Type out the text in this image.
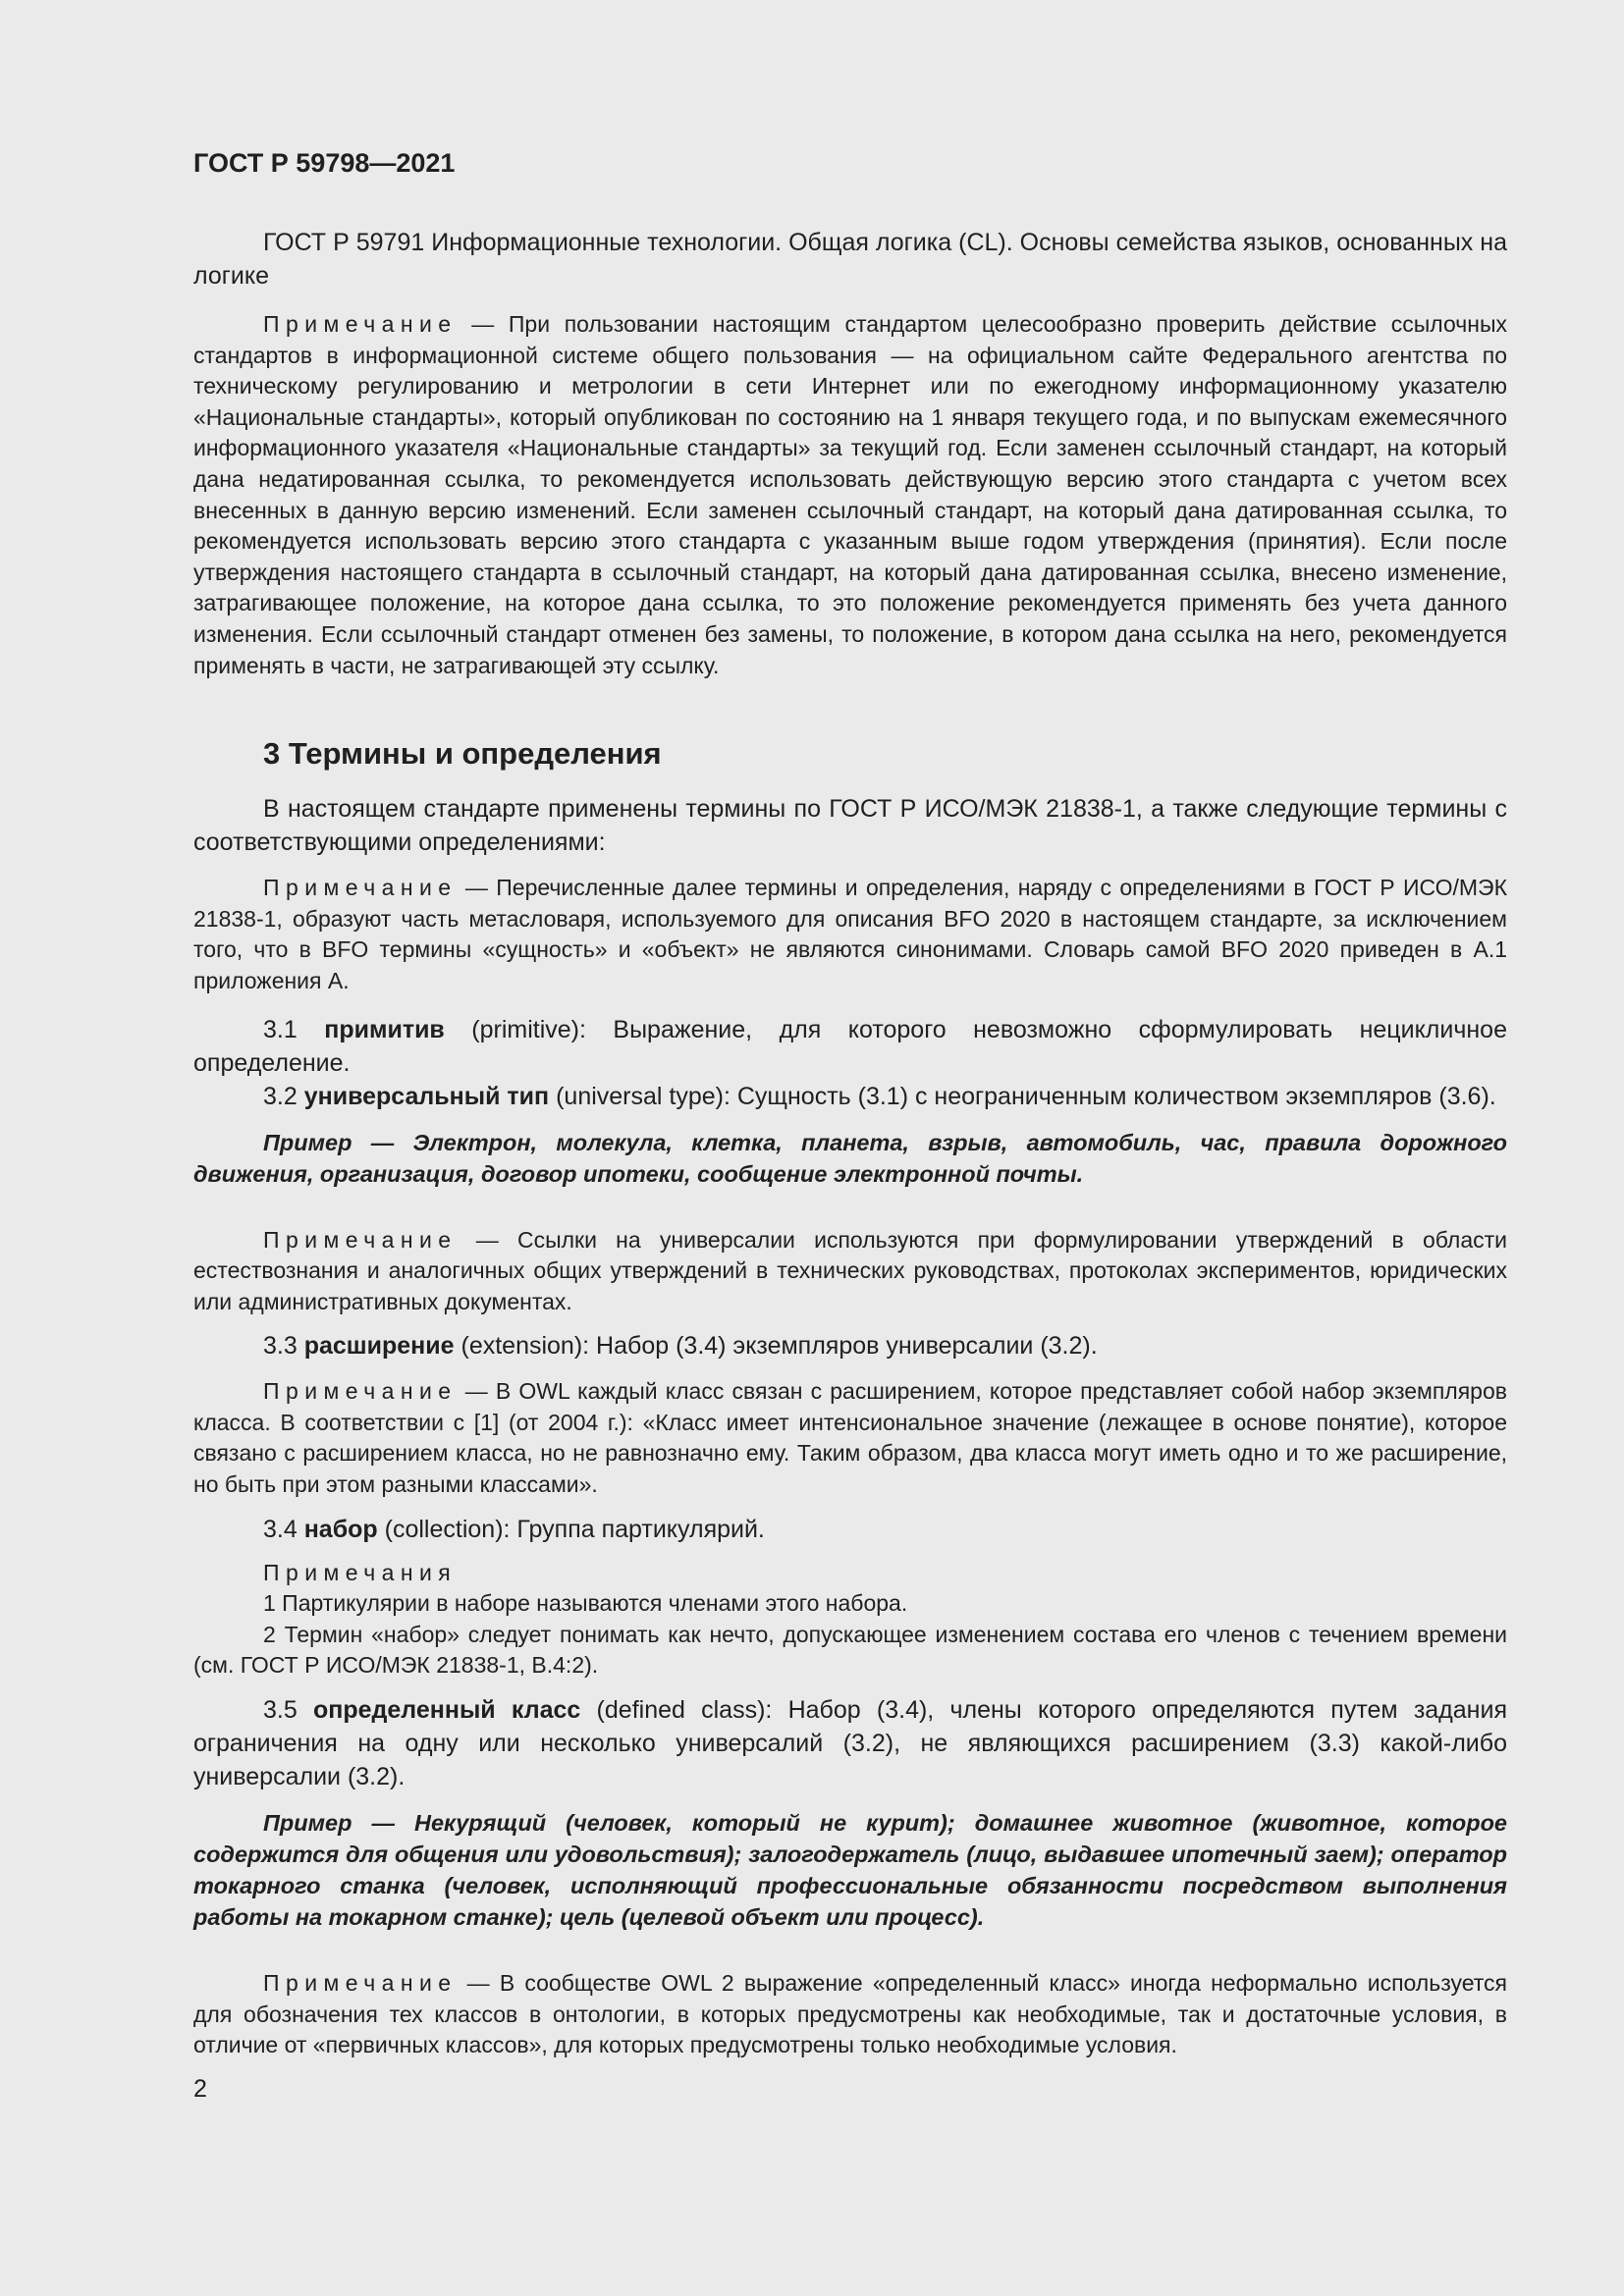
ГОСТ Р 59798—2021

ГОСТ Р 59791 Информационные технологии. Общая логика (CL). Основы семейства языков, основанных на логике

Примечание — При пользовании настоящим стандартом целесообразно проверить действие ссылочных стандартов в информационной системе общего пользования — на официальном сайте Федерального агентства по техническому регулированию и метрологии в сети Интернет или по ежегодному информационному указателю «Национальные стандарты», который опубликован по состоянию на 1 января текущего года, и по выпускам ежемесячного информационного указателя «Национальные стандарты» за текущий год. Если заменен ссылочный стандарт, на который дана недатированная ссылка, то рекомендуется использовать действующую версию этого стандарта с учетом всех внесенных в данную версию изменений. Если заменен ссылочный стандарт, на который дана датированная ссылка, то рекомендуется использовать версию этого стандарта с указанным выше годом утверждения (принятия). Если после утверждения настоящего стандарта в ссылочный стандарт, на который дана датированная ссылка, внесено изменение, затрагивающее положение, на которое дана ссылка, то это положение рекомендуется применять без учета данного изменения. Если ссылочный стандарт отменен без замены, то положение, в котором дана ссылка на него, рекомендуется применять в части, не затрагивающей эту ссылку.

3 Термины и определения

В настоящем стандарте применены термины по ГОСТ Р ИСО/МЭК 21838-1, а также следующие термины с соответствующими определениями:

Примечание — Перечисленные далее термины и определения, наряду с определениями в ГОСТ Р ИСО/МЭК 21838-1, образуют часть метасловаря, используемого для описания BFO 2020 в настоящем стандарте, за исключением того, что в BFO термины «сущность» и «объект» не являются синонимами. Словарь самой BFO 2020 приведен в А.1 приложения А.

3.1 примитив (primitive): Выражение, для которого невозможно сформулировать нецикличное определение.

3.2 универсальный тип (universal type): Сущность (3.1) с неограниченным количеством экземпляров (3.6).

Пример — Электрон, молекула, клетка, планета, взрыв, автомобиль, час, правила дорожного движения, организация, договор ипотеки, сообщение электронной почты.

Примечание — Ссылки на универсалии используются при формулировании утверждений в области естествознания и аналогичных общих утверждений в технических руководствах, протоколах экспериментов, юридических или административных документах.

3.3 расширение (extension): Набор (3.4) экземпляров универсалии (3.2).

Примечание — В OWL каждый класс связан с расширением, которое представляет собой набор экземпляров класса. В соответствии с [1] (от 2004 г.): «Класс имеет интенсиональное значение (лежащее в основе понятие), которое связано с расширением класса, но не равнозначно ему. Таким образом, два класса могут иметь одно и то же расширение, но быть при этом разными классами».

3.4 набор (collection): Группа партикулярий.

Примечания

1 Партикулярии в наборе называются членами этого набора.

2 Термин «набор» следует понимать как нечто, допускающее изменением состава его членов с течением времени (см. ГОСТ Р ИСО/МЭК 21838-1, В.4:2).

3.5 определенный класс (defined class): Набор (3.4), члены которого определяются путем задания ограничения на одну или несколько универсалий (3.2), не являющихся расширением (3.3) какой-либо универсалии (3.2).

Пример — Некурящий (человек, который не курит); домашнее животное (животное, которое содержится для общения или удовольствия); залогодержатель (лицо, выдавшее ипотечный заем); оператор токарного станка (человек, исполняющий профессиональные обязанности посредством выполнения работы на токарном станке); цель (целевой объект или процесс).

Примечание — В сообществе OWL 2 выражение «определенный класс» иногда неформально используется для обозначения тех классов в онтологии, в которых предусмотрены как необходимые, так и достаточные условия, в отличие от «первичных классов», для которых предусмотрены только необходимые условия.

2
